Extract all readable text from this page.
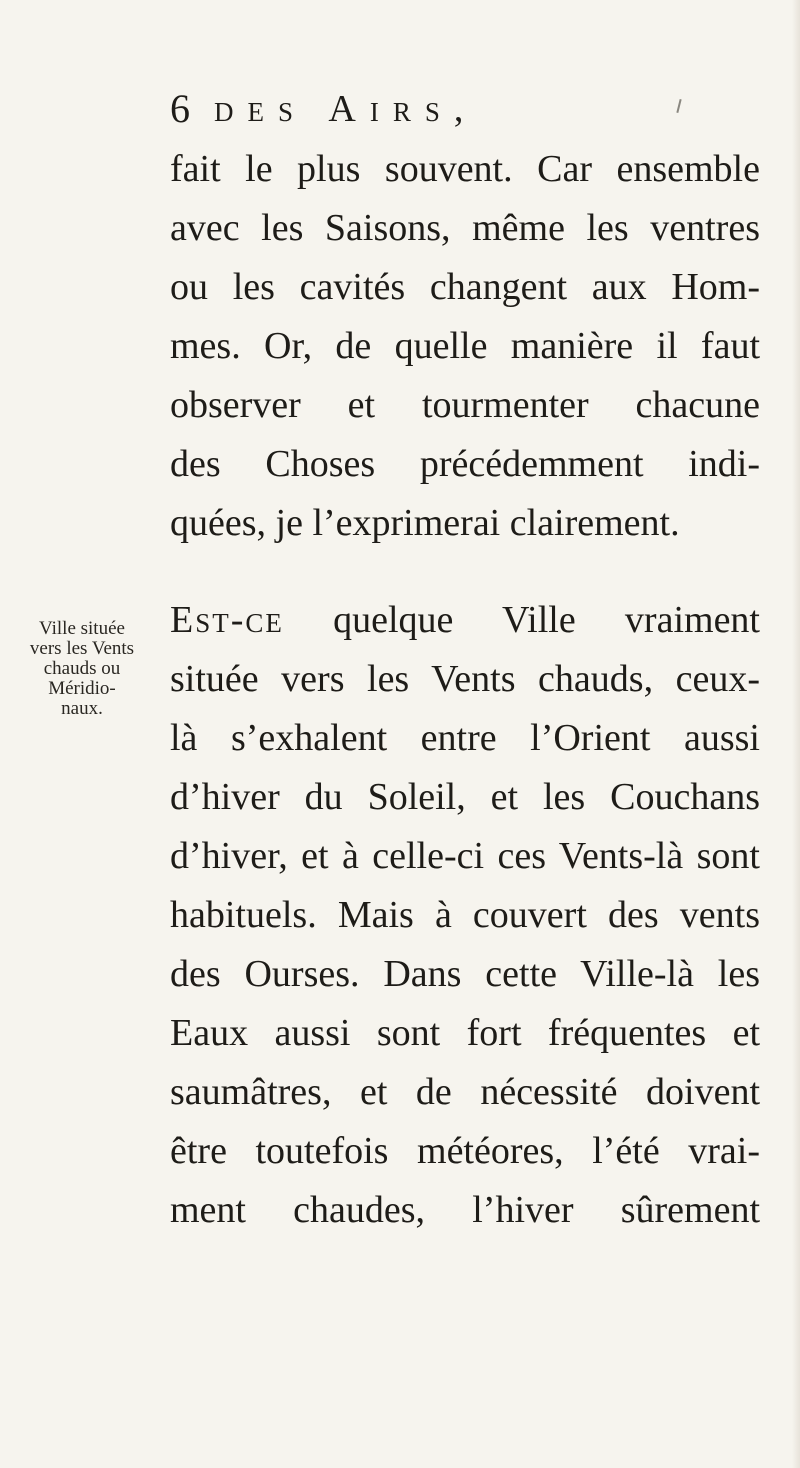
6 des Airs,

fait le plus souvent. Car ensemble
avec les Saisons, même les ventres
ou les cavités changent aux Hom-
mes. Or, de quelle manière il faut
observer et tourmenter chacune
des Choses précédemment indi-
quées, je l’exprimerai clairement.

Ville située
vers les Vents
chauds ou
Méridio-
naux.

Est-ce quelque Ville vraiment
située vers les Vents chauds, ceux-
là s’exhalent entre l’Orient aussi
d’hiver du Soleil, et les Couchans
d’hiver, et à celle-ci ces Vents-là sont
habituels. Mais à couvert des vents
des Ourses. Dans cette Ville-là les
Eaux aussi sont fort fréquentes et
saumâtres, et de nécessité doivent
être toutefois météores, l’été vrai-
ment chaudes, l’hiver sûrement
